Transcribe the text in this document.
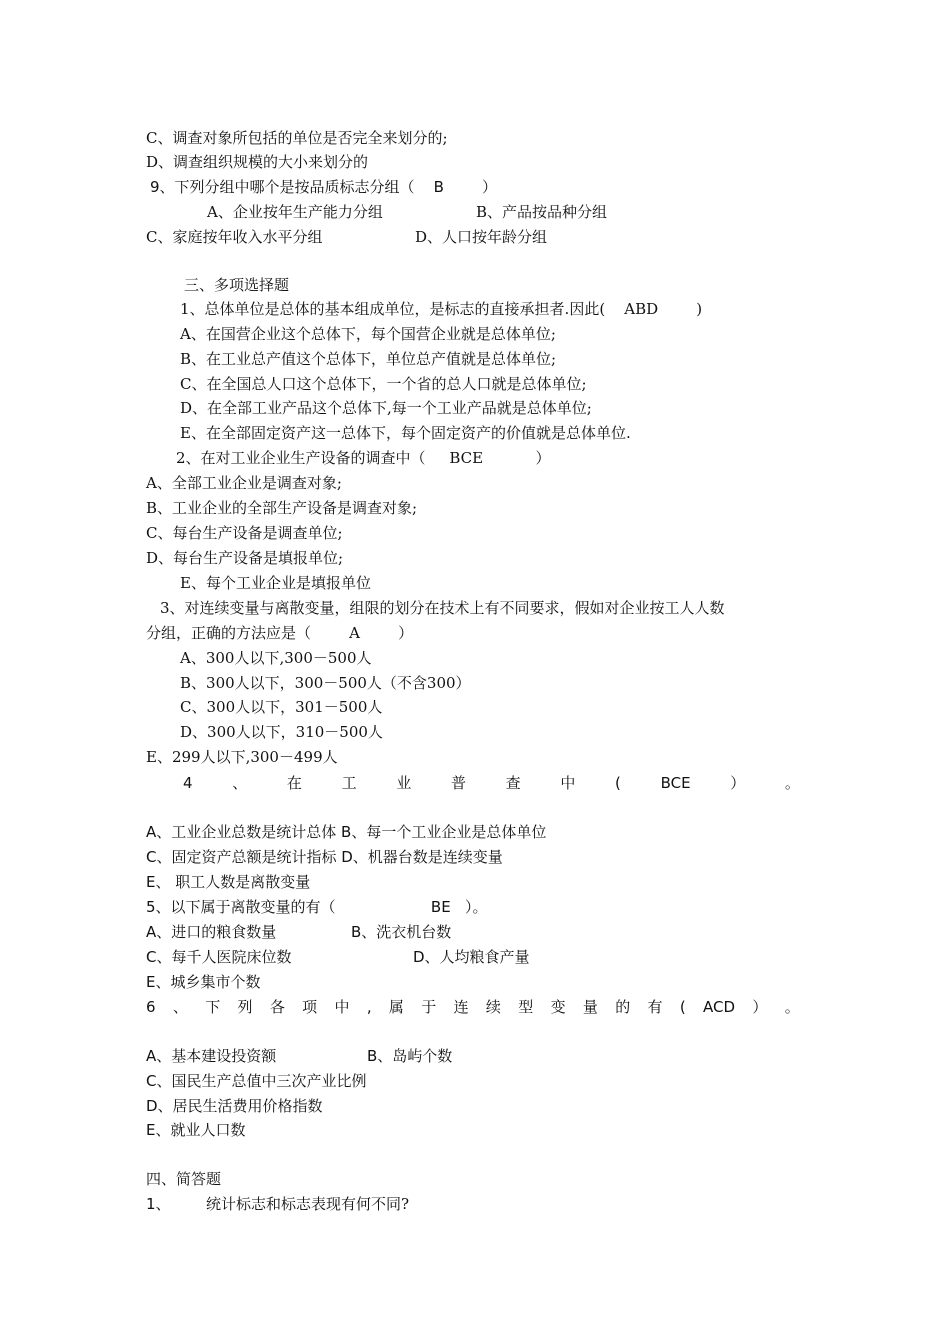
C、调查对象所包括的单位是否完全来划分的;
D、调查组织规模的大小来划分的
9、下列分组中哪个是按品质标志分组（    B        ）
A、企业按年生产能力分组	B、产品按品种分组
C、家庭按年收入水平分组	D、人口按年龄分组
三、多项选择题
1、总体单位是总体的基本组成单位，是标志的直接承担者.因此(    ABD        )
A、在国营企业这个总体下，每个国营企业就是总体单位;
B、在工业总产值这个总体下，单位总产值就是总体单位;
C、在全国总人口这个总体下，一个省的总人口就是总体单位;
D、在全部工业产品这个总体下,每一个工业产品就是总体单位;
E、在全部固定资产这一总体下，每个固定资产的价值就是总体单位.
2、在对工业企业生产设备的调查中（     BCE           ）
A、全部工业企业是调查对象;
B、工业企业的全部生产设备是调查对象;
C、每台生产设备是调查单位;
D、每台生产设备是填报单位;
E、每个工业企业是填报单位
3、对连续变量与离散变量，组限的划分在技术上有不同要求，假如对企业按工人人数
分组，正确的方法应是（        A        ）
A、300人以下,300－500人
B、300人以下，300－500人（不含300）
C、300人以下，301－500人
D、300人以下，310－500人
E、299人以下,300－499人
4	、	在	工	业	普	查	中	(	BCE	）	。
A、工业企业总数是统计总体 B、每一个工业企业是总体单位
C、固定资产总额是统计指标 D、机器台数是连续变量
E、 职工人数是离散变量
5、以下属于离散变量的有（                    BE   ）。
A、进口的粮食数量	B、洗衣机台数
C、每千人医院床位数	D、人均粮食产量
E、城乡集市个数
6 、 下 列 各 项 中 , 属 于 连 续 型 变 量 的 有 ( ACD ） 。
A、基本建设投资额	B、岛屿个数
C、国民生产总值中三次产业比例
D、居民生活费用价格指数
E、就业人口数
四、简答题
1、 统计标志和标志表现有何不同?
